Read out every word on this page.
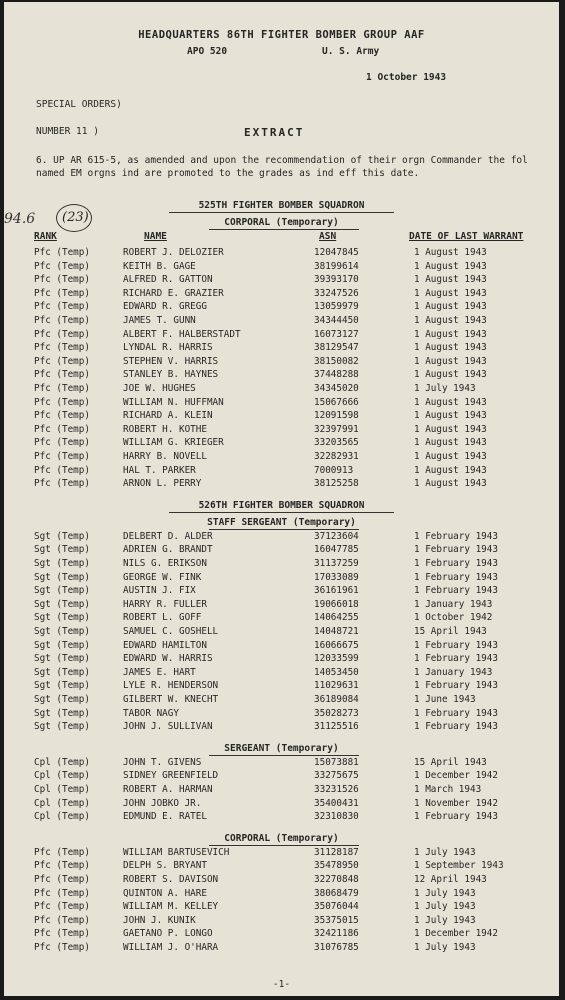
HEADQUARTERS 86TH FIGHTER BOMBER GROUP AAF
APO 520	U. S. Army
1 October 1943
SPECIAL ORDERS)
NUMBER 11 )	EXTRACT
6. UP AR 615-5, as amended and upon the recommendation of their orgn Commander the fol named EM orgns ind are promoted to the grades as ind eff this date.
94.6 (23)
525TH FIGHTER BOMBER SQUADRON
CORPORAL (Temporary)
RANK	NAME	ASN	DATE OF LAST WARRANT
Pfc (Temp)	ROBERT J. DELOZIER	12047845	1 August 1943
Pfc (Temp)	KEITH B. GAGE	38199614	1 August 1943
Pfc (Temp)	ALFRED R. GATTON	39393170	1 August 1943
Pfc (Temp)	RICHARD E. GRAZIER	33247526	1 August 1943
Pfc (Temp)	EDWARD R. GREGG	13059979	1 August 1943
Pfc (Temp)	JAMES T. GUNN	34344450	1 August 1943
Pfc (Temp)	ALBERT F. HALBERSTADT	16073127	1 August 1943
Pfc (Temp)	LYNDAL R. HARRIS	38129547	1 August 1943
Pfc (Temp)	STEPHEN V. HARRIS	38150082	1 August 1943
Pfc (Temp)	STANLEY B. HAYNES	37448288	1 August 1943
Pfc (Temp)	JOE W. HUGHES	34345020	1 July 1943
Pfc (Temp)	WILLIAM N. HUFFMAN	15067666	1 August 1943
Pfc (Temp)	RICHARD A. KLEIN	12091598	1 August 1943
Pfc (Temp)	ROBERT H. KOTHE	32397991	1 August 1943
Pfc (Temp)	WILLIAM G. KRIEGER	33203565	1 August 1943
Pfc (Temp)	HARRY B. NOVELL	32282931	1 August 1943
Pfc (Temp)	HAL T. PARKER	7000913	1 August 1943
Pfc (Temp)	ARNON L. PERRY	38125258	1 August 1943
526TH FIGHTER BOMBER SQUADRON
STAFF SERGEANT (Temporary)
Sgt (Temp)	DELBERT D. ALDER	37123604	1 February 1943
Sgt (Temp)	ADRIEN G. BRANDT	16047785	1 February 1943
Sgt (Temp)	NILS G. ERIKSON	31137259	1 February 1943
Sgt (Temp)	GEORGE W. FINK	17033089	1 February 1943
Sgt (Temp)	AUSTIN J. FIX	36161961	1 February 1943
Sgt (Temp)	HARRY R. FULLER	19066018	1 January 1943
Sgt (Temp)	ROBERT L. GOFF	14064255	1 October 1942
Sgt (Temp)	SAMUEL C. GOSHELL	14048721	15 April 1943
Sgt (Temp)	EDWARD HAMILTON	16066675	1 February 1943
Sgt (Temp)	EDWARD W. HARRIS	12033599	1 February 1943
Sgt (Temp)	JAMES E. HART	14053450	1 January 1943
Sgt (Temp)	LYLE R. HENDERSON	11029631	1 February 1943
Sgt (Temp)	GILBERT W. KNECHT	36189084	1 June 1943
Sgt (Temp)	TABOR NAGY	35028273	1 February 1943
Sgt (Temp)	JOHN J. SULLIVAN	31125516	1 February 1943
SERGEANT (Temporary)
Cpl (Temp)	JOHN T. GIVENS	15073881	15 April 1943
Cpl (Temp)	SIDNEY GREENFIELD	33275675	1 December 1942
Cpl (Temp)	ROBERT A. HARMAN	33231526	1 March 1943
Cpl (Temp)	JOHN JOBKO JR.	35400431	1 November 1942
Cpl (Temp)	EDMUND E. RATEL	32310830	1 February 1943
CORPORAL (Temporary)
Pfc (Temp)	WILLIAM BARTUSEVICH	31128187	1 July 1943
Pfc (Temp)	DELPH S. BRYANT	35478950	1 September 1943
Pfc (Temp)	ROBERT S. DAVISON	32270848	12 April 1943
Pfc (Temp)	QUINTON A. HARE	38068479	1 July 1943
Pfc (Temp)	WILLIAM M. KELLEY	35076044	1 July 1943
Pfc (Temp)	JOHN J. KUNIK	35375015	1 July 1943
Pfc (Temp)	GAETANO P. LONGO	32421186	1 December 1942
Pfc (Temp)	WILLIAM J. O'HARA	31076785	1 July 1943
-1-
